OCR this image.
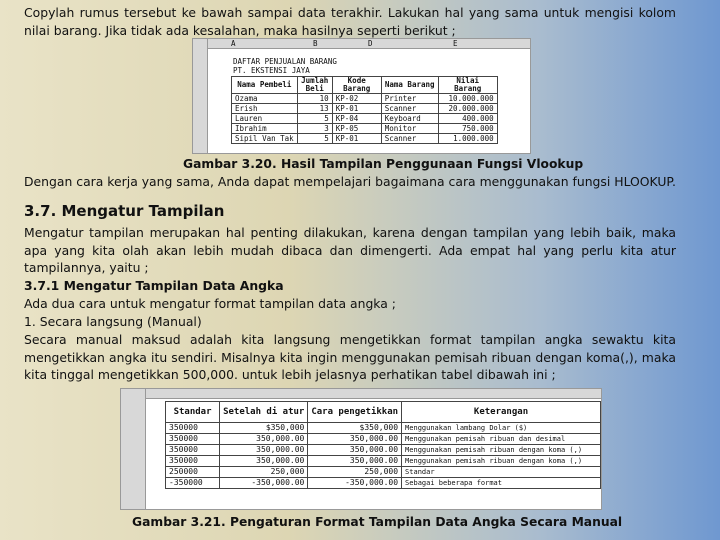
Copylah rumus tersebut ke bawah sampai data terakhir. Lakukan hal yang sama untuk mengisi kolom nilai barang. Jika tidak ada kesalahan, maka hasilnya seperti berikut ;
A	B	D	E
DAFTAR PENJUALAN BARANG
PT. EKSTENSI JAYA
Nama Pembeli	Jumlah Beli	Kode Barang	Nama Barang	Nilai Barang
Ozama	10	KP-02	Printer	10.000.000
Erish	13	KP-01	Scanner	20.000.000
Lauren	5	KP-04	Keyboard	400.000
Ibrahim	3	KP-05	Monitor	750.000
Sipil Van Tak	5	KP-01	Scanner	1.000.000
Gambar 3.20. Hasil Tampilan Penggunaan Fungsi Vlookup
Dengan cara kerja yang sama, Anda dapat mempelajari bagaimana cara menggunakan fungsi HLOOKUP.
3.7. Mengatur Tampilan
Mengatur tampilan merupakan hal penting dilakukan, karena dengan tampilan yang lebih baik, maka apa yang kita olah akan lebih mudah dibaca dan dimengerti. Ada empat hal yang perlu kita atur tampilannya, yaitu ;
3.7.1 Mengatur Tampilan Data Angka
Ada dua cara untuk mengatur format tampilan data angka ;
1. Secara langsung (Manual)
Secara manual maksud adalah kita langsung mengetikkan format tampilan angka sewaktu kita mengetikkan angka itu sendiri. Misalnya kita ingin menggunakan pemisah ribuan dengan koma(,), maka kita tinggal mengetikkan 500,000. untuk lebih jelasnya perhatikan tabel dibawah ini ;
Standar	Setelah di atur	Cara pengetikkan	Keterangan
350000	$350,000	$350,000	Menggunakan lambang Dolar ($)
350000	350,000.00	350,000.00	Menggunakan pemisah ribuan dan desimal
350000	350,000.00	350,000.00	Menggunakan pemisah ribuan dengan koma (,)
350000	350,000.00	350,000.00	Menggunakan pemisah ribuan dengan koma (,)
250000	250,000	250,000	Standar
-350000	-350,000.00	-350,000.00	Sebagai beberapa format
Gambar 3.21. Pengaturan Format Tampilan Data Angka Secara Manual
